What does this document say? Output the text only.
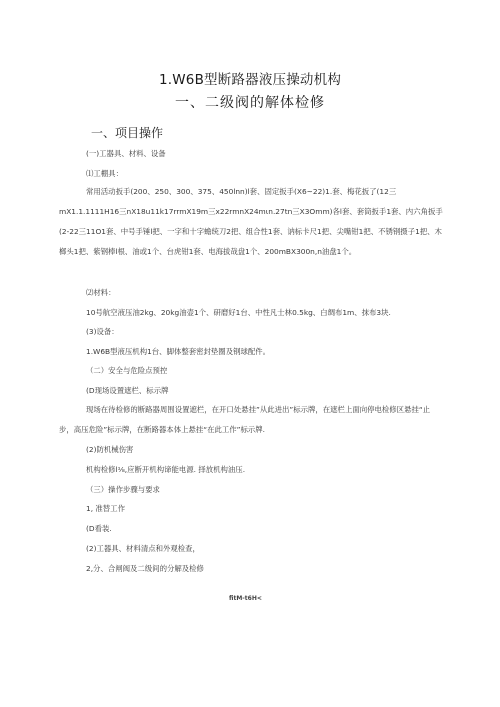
1.W6B型断路器液压操动机构
一、二级阀的解体检修
一、项目操作
(一)工器具、材料、设备
⑴工棚具：
常用活动扳手(200、250、300、375、450lnn)l套、固定扳手(X6~22)1.套、梅花扳了(12三mX1.1.1111H16三nX18u11k17rrmX19m三x22rmnX24mιn.27tn三X3Omm)各l套、套筒扳手1套、内六角扳手(2-22三11O1套、中号手锤l把、一字和十字蟾统刀2把、组合性1套、讷标卡尺1把、尖嘴钳1把、不锈钢摄子1把、木榔头1把、紫钢棒l根、油或1个、台虎钳1套、电海拔哉盘1个、200mBX300n,n油盘1个。
⑵材料：
10号航空液压油2kg、20kg油壶1个、研磨好1台、中性凡士林0.5kg、白绸布1m、抹布3块.
(3)设备：
1.W6B型液压机构1台、脚体整套密封垫圈及钢球配件。
（二）安全与危险点预控
(D现场设置遮栏、标示牌
现场在待检修的断路器周围设置遮栏，在开口处悬挂”从此进出”标示牌，在遮栏上面向停电检修区悬挂“止步，高压危险”标示牌，在断路器本体上悬挂“在此工作”标示牌.
(2)防机械伤害
机构检修l⅛,应断开机构谛能电源. 择放机构油压.
（三）操作步骤与要求
1, 准替工作
(D看装.
(2)工器具、材料清点和外观检查，
2,分、合闸阀及二级间的分解及检修
fitM-t6H<
